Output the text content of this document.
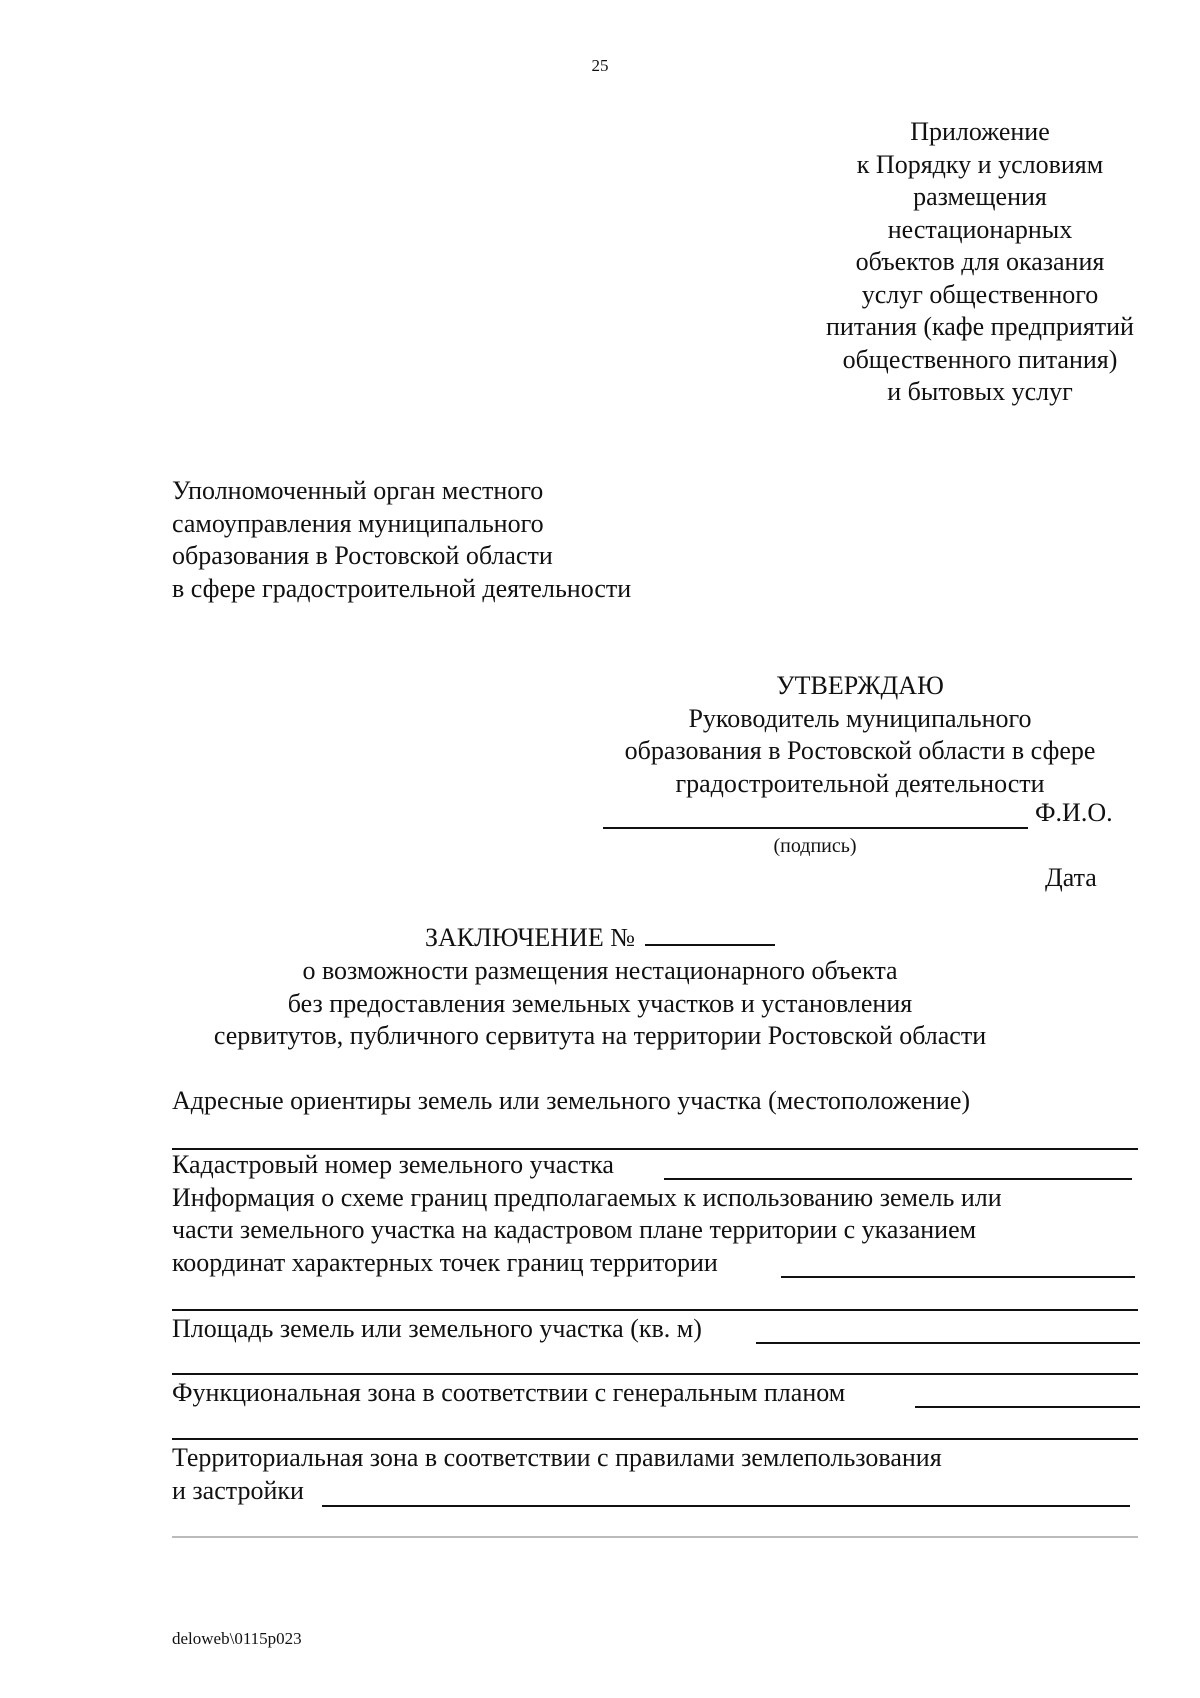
25
Приложение
к Порядку и условиям
размещения
нестационарных
объектов для оказания
услуг общественного
питания (кафе предприятий
общественного питания)
и бытовых услуг
Уполномоченный орган местного
самоуправления муниципального
образования в Ростовской области
в сфере градостроительной деятельности
УТВЕРЖДАЮ
Руководитель муниципального
образования в Ростовской области в сфере
градостроительной деятельности
Ф.И.О.
(подпись)
Дата
ЗАКЛЮЧЕНИЕ №
о возможности размещения нестационарного объекта
без предоставления земельных участков и установления
сервитутов, публичного сервитута на территории Ростовской области
Адресные ориентиры земель или земельного участка (местоположение)
Кадастровый номер земельного участка
Информация о схеме границ предполагаемых к использованию земель или
части земельного участка на кадастровом плане территории с указанием
координат характерных точек границ территории
Площадь земель или земельного участка (кв. м)
Функциональная зона в соответствии с генеральным планом
Территориальная зона в соответствии с правилами землепользования
и застройки
deloweb\0115p023
